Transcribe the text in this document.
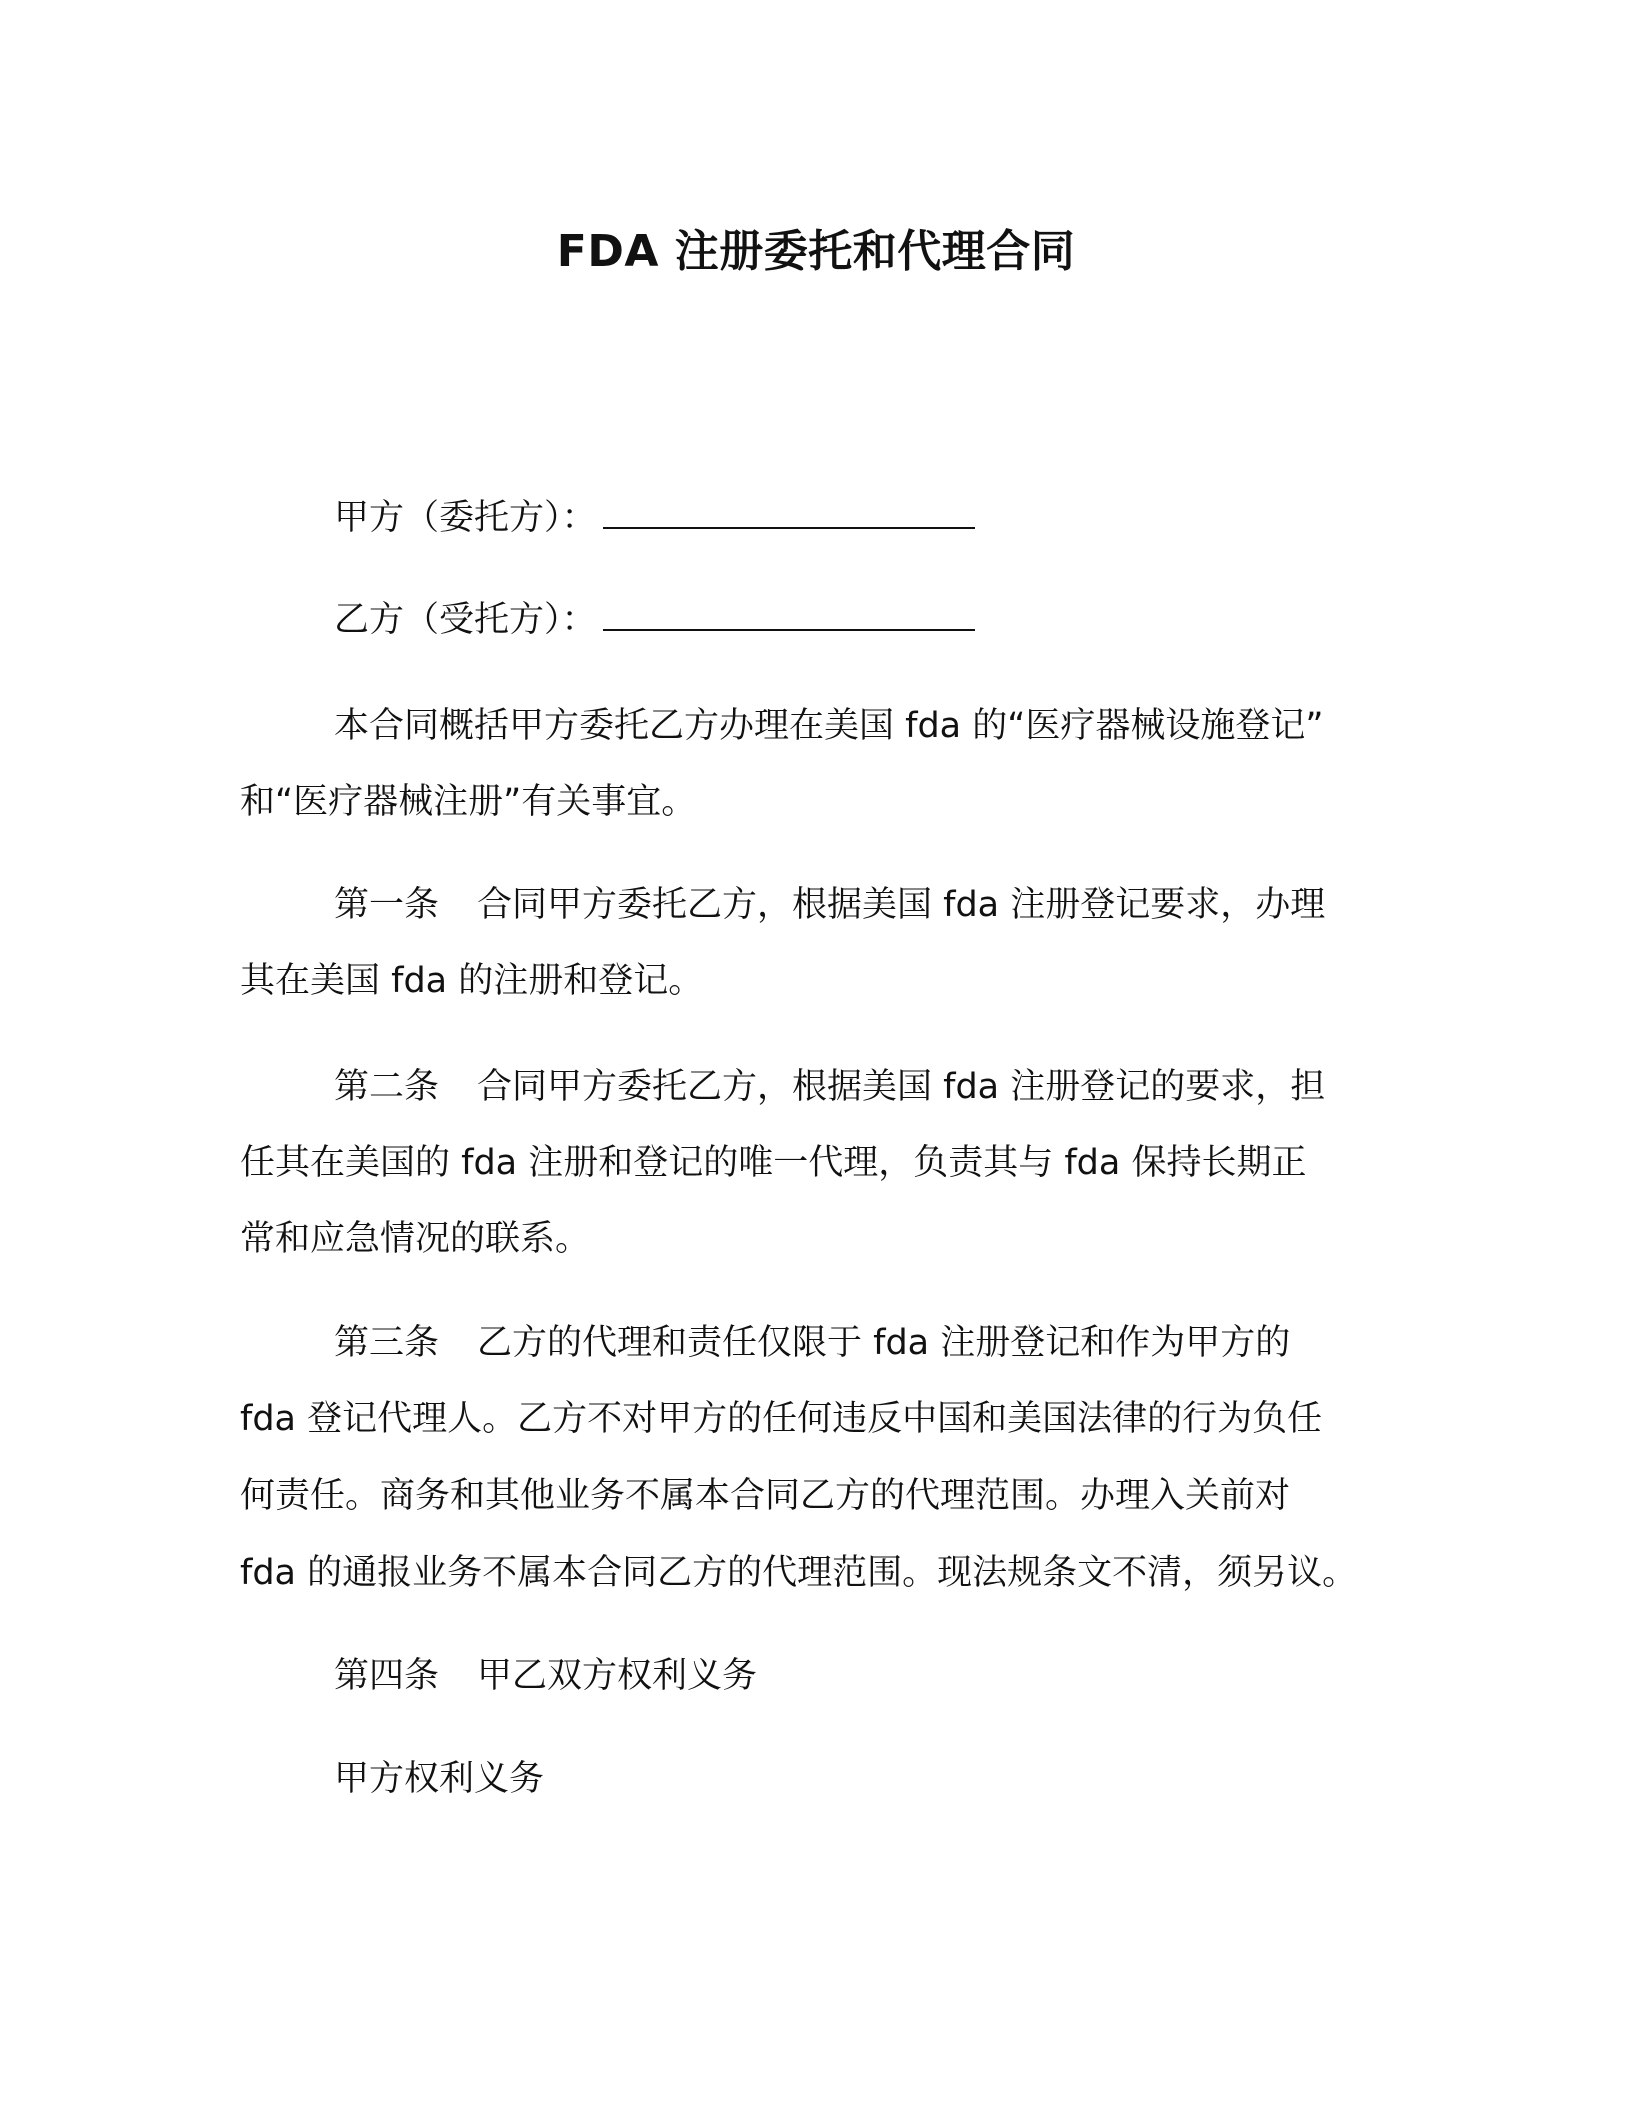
FDA 注册委托和代理合同
甲方（委托方）：
乙方（受托方）：
本合同概括甲方委托乙方办理在美国 fda 的“医疗器械设施登记”
和“医疗器械注册”有关事宜。
第一条 合同甲方委托乙方，根据美国 fda 注册登记要求，办理
其在美国 fda 的注册和登记。
第二条 合同甲方委托乙方，根据美国 fda 注册登记的要求，担
任其在美国的 fda 注册和登记的唯一代理，负责其与 fda 保持长期正
常和应急情况的联系。
第三条 乙方的代理和责任仅限于 fda 注册登记和作为甲方的
fda 登记代理人。乙方不对甲方的任何违反中国和美国法律的行为负任
何责任。商务和其他业务不属本合同乙方的代理范围。办理入关前对
fda 的通报业务不属本合同乙方的代理范围。现法规条文不清，须另议。
第四条 甲乙双方权利义务
甲方权利义务
